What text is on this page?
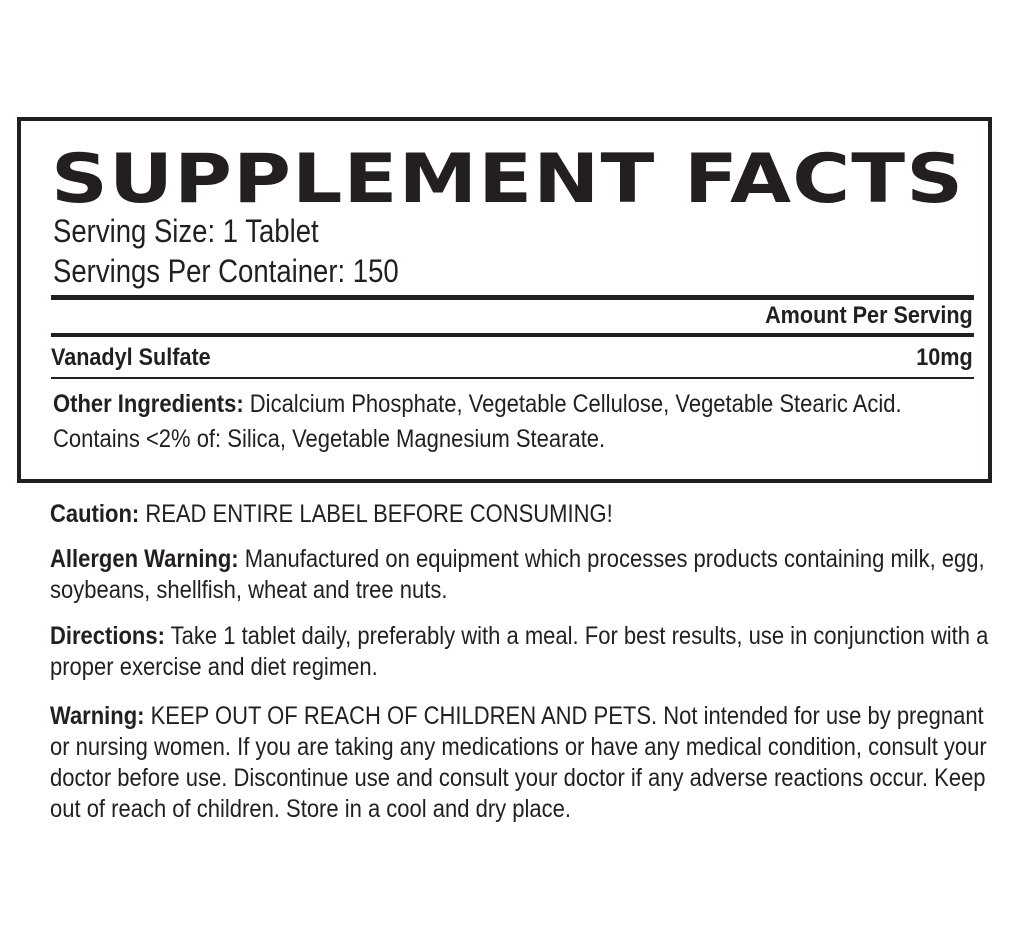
SUPPLEMENT FACTS
Serving Size: 1 Tablet
Servings Per Container: 150
Amount Per Serving
Vanadyl Sulfate	10mg

Other Ingredients: Dicalcium Phosphate, Vegetable Cellulose, Vegetable Stearic Acid. Contains <2% of: Silica, Vegetable Magnesium Stearate.

Caution: READ ENTIRE LABEL BEFORE CONSUMING!

Allergen Warning: Manufactured on equipment which processes products containing milk, egg, soybeans, shellfish, wheat and tree nuts.

Directions: Take 1 tablet daily, preferably with a meal. For best results, use in conjunction with a proper exercise and diet regimen.

Warning: KEEP OUT OF REACH OF CHILDREN AND PETS. Not intended for use by pregnant or nursing women. If you are taking any medications or have any medical condition, consult your doctor before use. Discontinue use and consult your doctor if any adverse reactions occur. Keep out of reach of children. Store in a cool and dry place.
